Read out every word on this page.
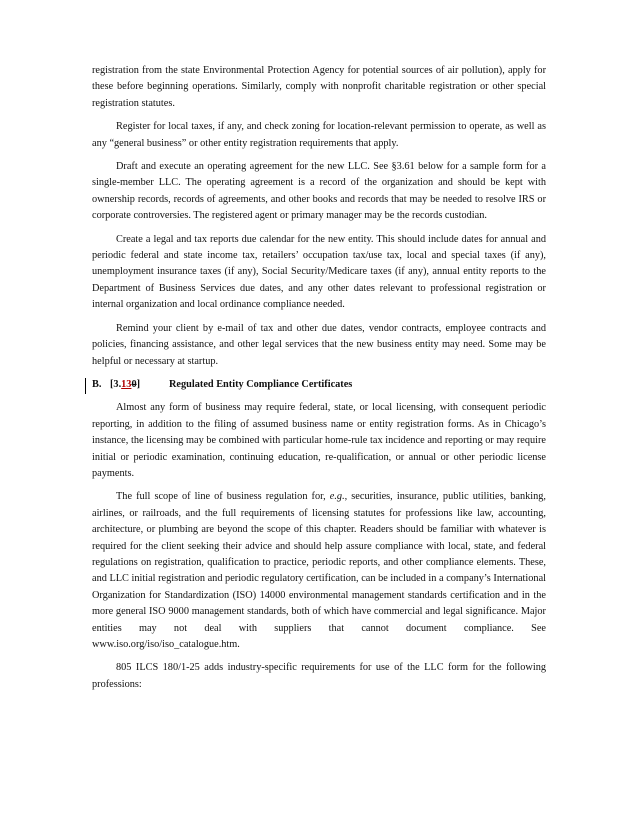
registration from the state Environmental Protection Agency for potential sources of air pollution), apply for these before beginning operations. Similarly, comply with nonprofit charitable registration or other special registration statutes.

Register for local taxes, if any, and check zoning for location-relevant permission to operate, as well as any “general business” or other entity registration requirements that apply.

Draft and execute an operating agreement for the new LLC. See §3.61 below for a sample form for a single-member LLC. The operating agreement is a record of the organization and should be kept with ownership records, records of agreements, and other books and records that may be needed to resolve IRS or corporate controversies. The registered agent or primary manager may be the records custodian.

Create a legal and tax reports due calendar for the new entity. This should include dates for annual and periodic federal and state income tax, retailers’ occupation tax/use tax, local and special taxes (if any), unemployment insurance taxes (if any), Social Security/Medicare taxes (if any), annual entity reports to the Department of Business Services due dates, and any other dates relevant to professional registration or internal organization and local ordinance compliance needed.

Remind your client by e-mail of tax and other due dates, vendor contracts, employee contracts and policies, financing assistance, and other legal services that the new business entity may need. Some may be helpful or necessary at startup.

B. [3.130]	Regulated Entity Compliance Certificates

Almost any form of business may require federal, state, or local licensing, with consequent periodic reporting, in addition to the filing of assumed business name or entity registration forms. As in Chicago’s instance, the licensing may be combined with particular home-rule tax incidence and reporting or may require initial or periodic examination, continuing education, re-qualification, or annual or other periodic license payments.

The full scope of line of business regulation for, e.g., securities, insurance, public utilities, banking, airlines, or railroads, and the full requirements of licensing statutes for professions like law, accounting, architecture, or plumbing are beyond the scope of this chapter. Readers should be familiar with whatever is required for the client seeking their advice and should help assure compliance with local, state, and federal regulations on registration, qualification to practice, periodic reports, and other compliance elements. These, and LLC initial registration and periodic regulatory certification, can be included in a company’s International Organization for Standardization (ISO) 14000 environmental management standards certification and in the more general ISO 9000 management standards, both of which have commercial and legal significance. Major entities may not deal with suppliers that cannot document compliance. See www.iso.org/iso/iso_catalogue.htm.

805 ILCS 180/1-25 adds industry-specific requirements for use of the LLC form for the following professions:
